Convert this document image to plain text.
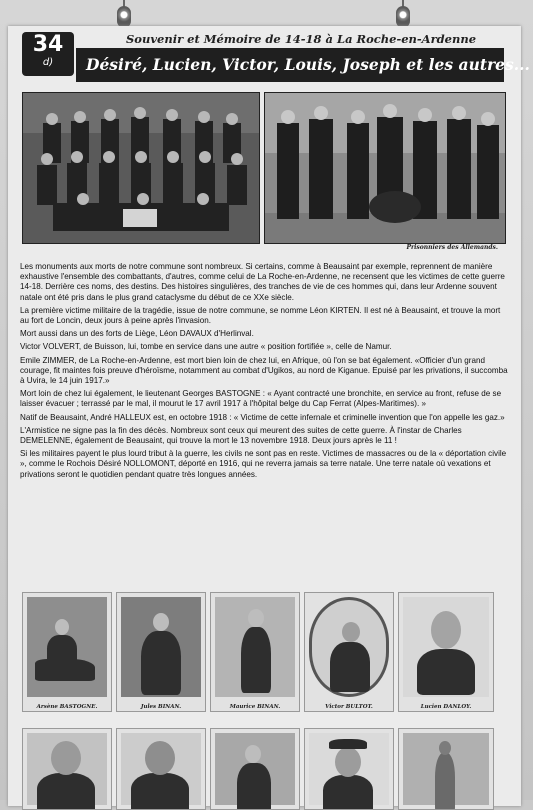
34
d)
Souvenir et Mémoire de 14-18 à La Roche-en-Ardenne
Désiré, Lucien, Victor, Louis, Joseph et les autres...
Prisonniers des Allemands.

Les monuments aux morts de notre commune sont nombreux. Si certains, comme à Beausaint par exemple, reprennent de manière exhaustive l'ensemble des combattants, d'autres, comme celui de La Roche-en-Ardenne, ne recensent que les victimes de cette guerre 14-18. Derrière ces noms, des destins. Des histoires singulières, des tranches de vie de ces hommes qui, dans leur Ardenne souvent natale ont été pris dans le plus grand cataclysme du début de ce XXe siècle.

La première victime militaire de la tragédie, issue de notre commune, se nomme Léon KIRTEN. Il est né à Beausaint, et trouve la mort au fort de Loncin, deux jours à peine après l'invasion.

Mort aussi dans un des forts de Liège, Léon DAVAUX d'Herlinval.

Victor VOLVERT, de Buisson, lui, tombe en service dans une autre « position fortifiée », celle de Namur.

Emile ZIMMER, de La Roche-en-Ardenne, est mort bien loin de chez lui, en Afrique, où l'on se bat également. «Officier d'un grand courage, fit maintes fois preuve d'héroïsme, notamment au combat d'Ugikos, au nord de Kiganue. Epuisé par les privations, il succomba à Uvira, le 14 juin 1917.»

Mort loin de chez lui également, le lieutenant Georges BASTOGNE : « Ayant contracté une bronchite, en service au front, refuse de se laisser évacuer ; terrassé par le mal, il mourut le 17 avril 1917 à l'hôpital belge du Cap Ferrat (Alpes-Maritimes). »

Natif de Beausaint, André HALLEUX est, en octobre 1918 : « Victime de cette infernale et criminelle invention que l'on appelle les gaz.»

L'Armistice ne signe pas la fin des décès. Nombreux sont ceux qui meurent des suites de cette guerre. À l'instar de Charles DEMELENNE, également de Beausaint, qui trouve la mort le 13 novembre 1918. Deux jours après le 11 !

Si les militaires payent le plus lourd tribut à la guerre, les civils ne sont pas en reste. Victimes de massacres ou de la « déportation civile », comme le Rochois Désiré NOLLOMONT, déporté en 1916, qui ne reverra jamais sa terre natale. Une terre natale où vexations et privations seront le quotidien pendant quatre très longues années.

Arsène BASTOGNE.	Jules BINAN.	Maurice BINAN.	Victor BULTOT.	Lucien DANLOY.
